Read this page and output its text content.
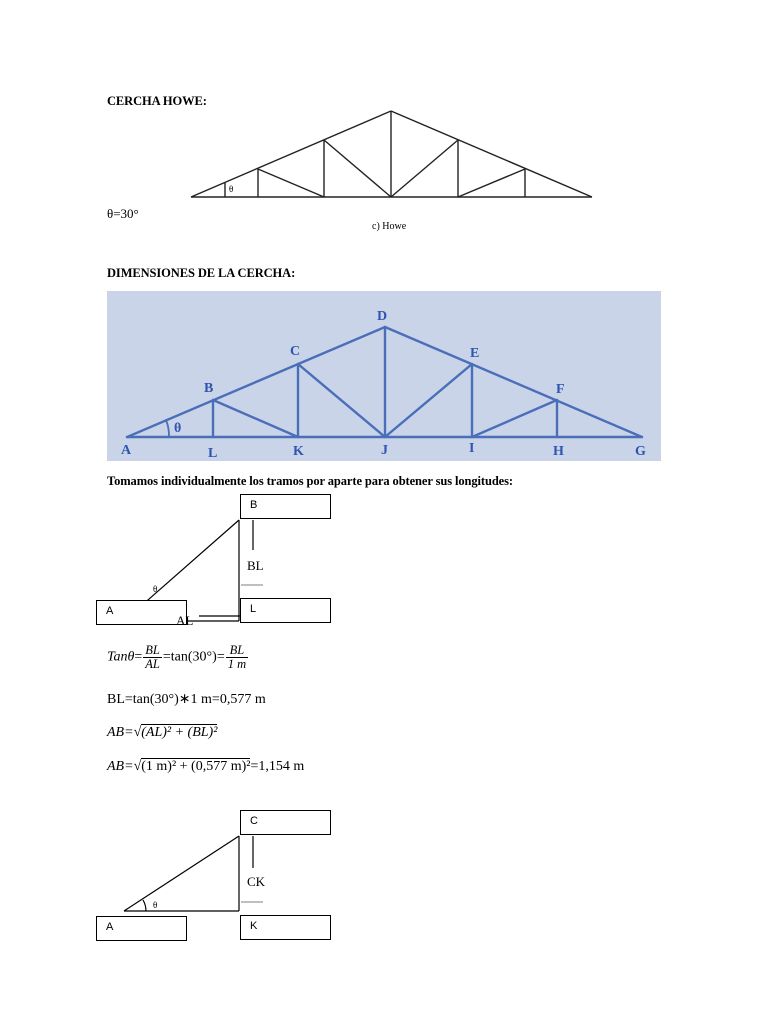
CERCHA HOWE:
θ
c) Howe
θ=30°
DIMENSIONES DE LA CERCHA:
A
B
C
D
E
F
G
H
I
J
K
L
θ
Tomamos individualmente los tramos por aparte para obtener sus longitudes:
θ
BL
B
A	L
AL
$Tan\theta= \frac{BL}{AL} =\tan(30^\circ)= \frac{BL}{1 m}$
BL=tan(30°)∗1 m=0,577 m
AB=√(AL)² + (BL)²
AB=√(1 m)² + (0,577 m)²=1,154 m
θ
CK
C
A	K
